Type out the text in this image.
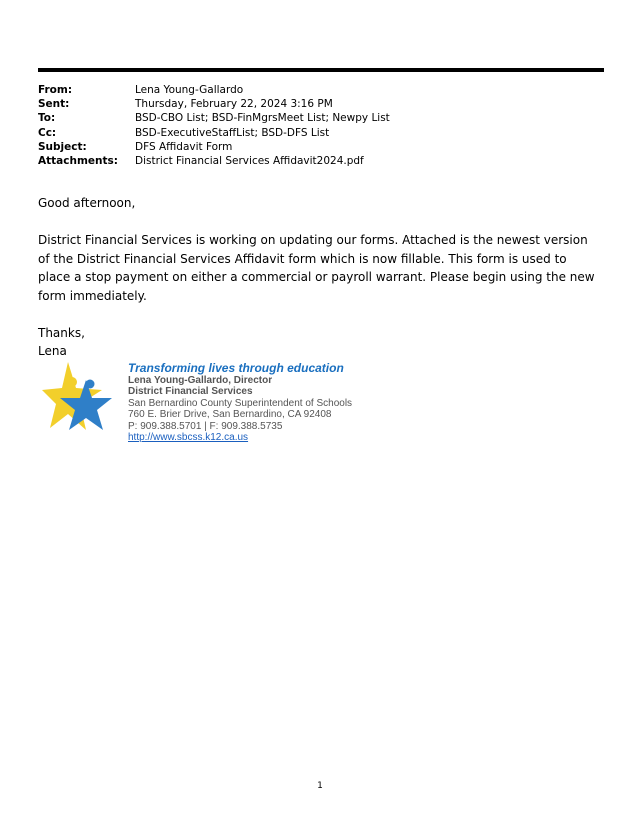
From:	Lena Young-Gallardo
Sent:	Thursday, February 22, 2024 3:16 PM
To:	BSD-CBO List; BSD-FinMgrsMeet List; Newpy List
Cc:	BSD-ExecutiveStaffList; BSD-DFS List
Subject:	DFS Affidavit Form
Attachments:	District Financial Services Affidavit2024.pdf

Good afternoon,

District Financial Services is working on updating our forms. Attached is the newest version of the District Financial Services Affidavit form which is now fillable. This form is used to place a stop payment on either a commercial or payroll warrant. Please begin using the new form immediately.

Thanks,

Lena

Transforming lives through education
Lena Young-Gallardo, Director
District Financial Services
San Bernardino County Superintendent of Schools
760 E. Brier Drive, San Bernardino, CA 92408
P: 909.388.5701 | F: 909.388.5735
http://www.sbcss.k12.ca.us
1
